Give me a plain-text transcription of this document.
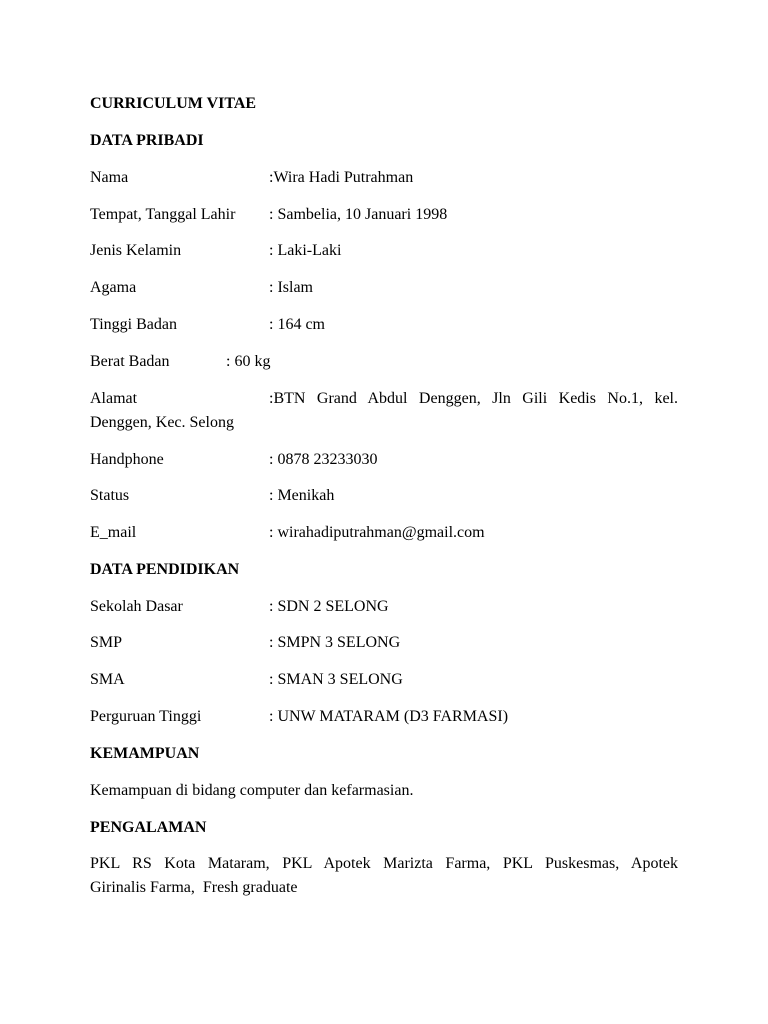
CURRICULUM VITAE
DATA PRIBADI
Nama	:Wira Hadi Putrahman
Tempat, Tanggal Lahir : Sambelia, 10 Januari 1998
Jenis Kelamin	: Laki-Laki
Agama	: Islam
Tinggi Badan	: 164 cm
Berat Badan	: 60 kg
Alamat	:BTN Grand Abdul Denggen, Jln Gili Kedis No.1, kel.
Denggen, Kec. Selong
Handphone	: 0878 23233030
Status	: Menikah
E_mail	: wirahadiputrahman@gmail.com
DATA PENDIDIKAN
Sekolah Dasar	: SDN 2 SELONG
SMP	: SMPN 3 SELONG
SMA	: SMAN 3 SELONG
Perguruan Tinggi	: UNW MATARAM (D3 FARMASI)
KEMAMPUAN
Kemampuan di bidang computer dan kefarmasian.
PENGALAMAN
PKL RS Kota Mataram, PKL Apotek Marizta Farma, PKL Puskesmas, Apotek
Girinalis Farma,  Fresh graduate
